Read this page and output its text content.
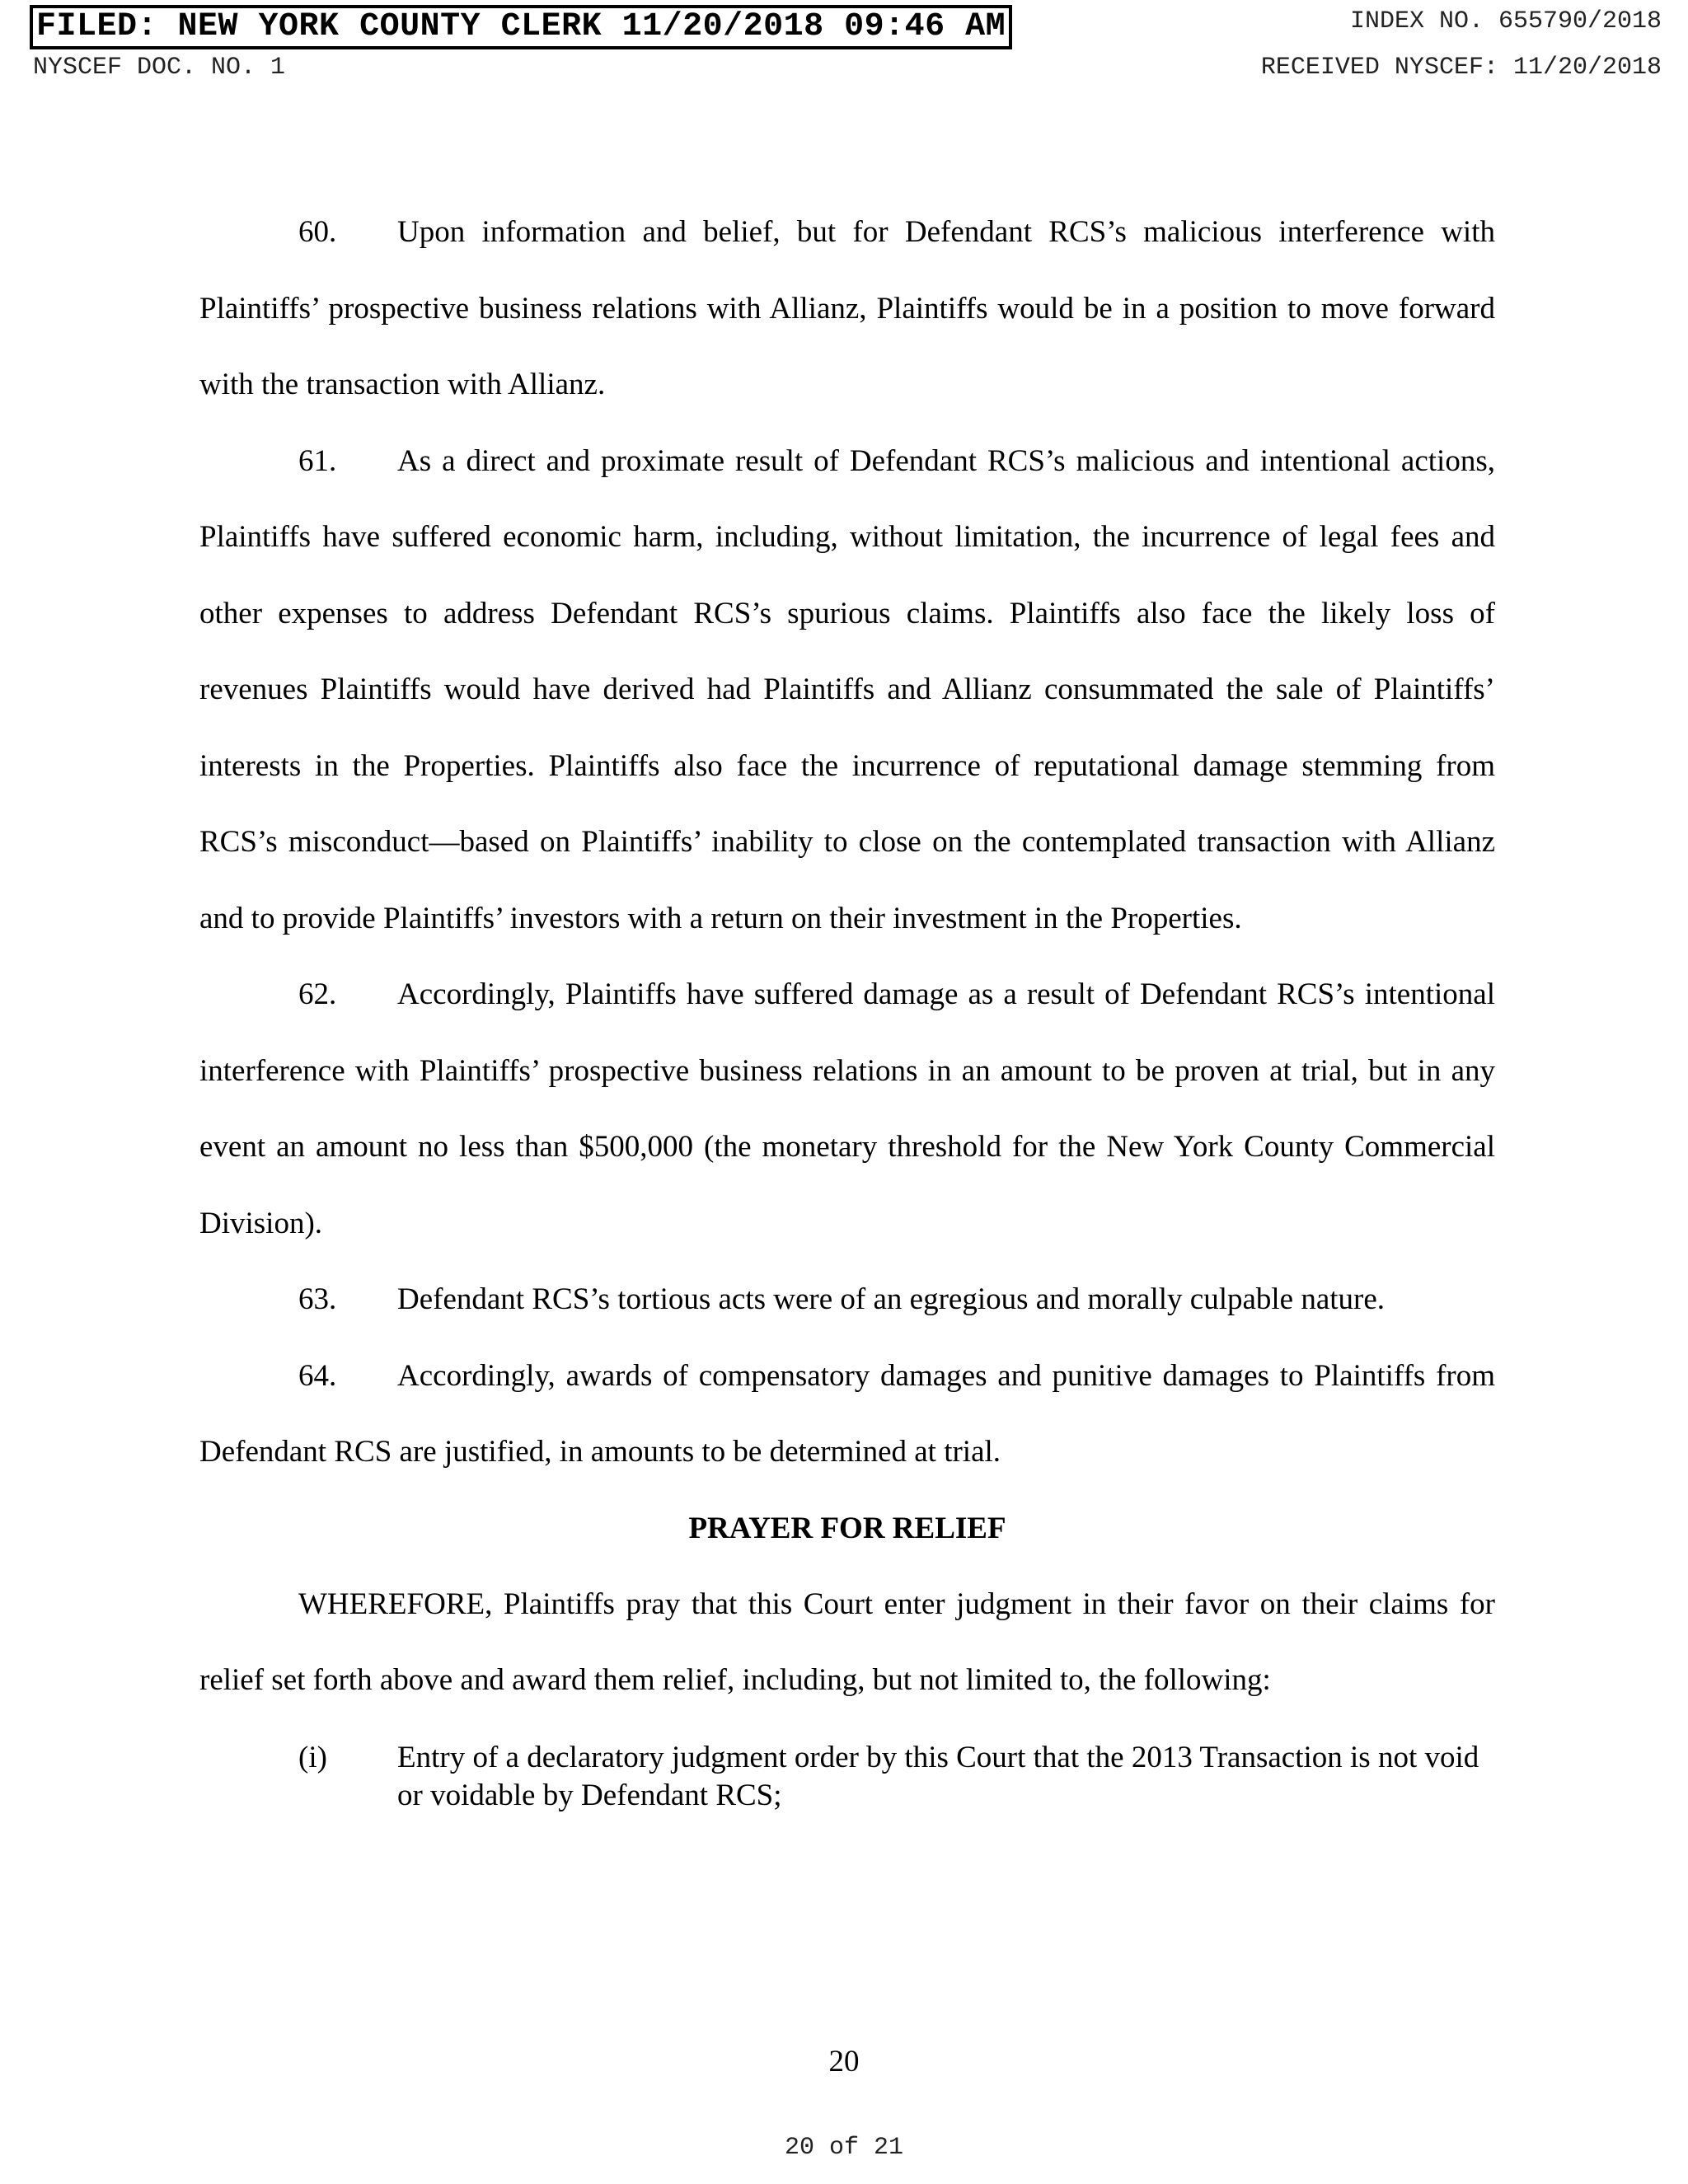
FILED: NEW YORK COUNTY CLERK 11/20/2018 09:46 AM	INDEX NO. 655790/2018
NYSCEF DOC. NO. 1	RECEIVED NYSCEF: 11/20/2018

60. Upon information and belief, but for Defendant RCS’s malicious interference with Plaintiffs’ prospective business relations with Allianz, Plaintiffs would be in a position to move forward with the transaction with Allianz.

61. As a direct and proximate result of Defendant RCS’s malicious and intentional actions, Plaintiffs have suffered economic harm, including, without limitation, the incurrence of legal fees and other expenses to address Defendant RCS’s spurious claims. Plaintiffs also face the likely loss of revenues Plaintiffs would have derived had Plaintiffs and Allianz consummated the sale of Plaintiffs’ interests in the Properties. Plaintiffs also face the incurrence of reputational damage stemming from RCS’s misconduct—based on Plaintiffs’ inability to close on the contemplated transaction with Allianz and to provide Plaintiffs’ investors with a return on their investment in the Properties.

62. Accordingly, Plaintiffs have suffered damage as a result of Defendant RCS’s intentional interference with Plaintiffs’ prospective business relations in an amount to be proven at trial, but in any event an amount no less than $500,000 (the monetary threshold for the New York County Commercial Division).

63. Defendant RCS’s tortious acts were of an egregious and morally culpable nature.

64. Accordingly, awards of compensatory damages and punitive damages to Plaintiffs from Defendant RCS are justified, in amounts to be determined at trial.

PRAYER FOR RELIEF

WHEREFORE, Plaintiffs pray that this Court enter judgment in their favor on their claims for relief set forth above and award them relief, including, but not limited to, the following:

(i)	Entry of a declaratory judgment order by this Court that the 2013 Transaction is not void or voidable by Defendant RCS;
20
20 of 21
